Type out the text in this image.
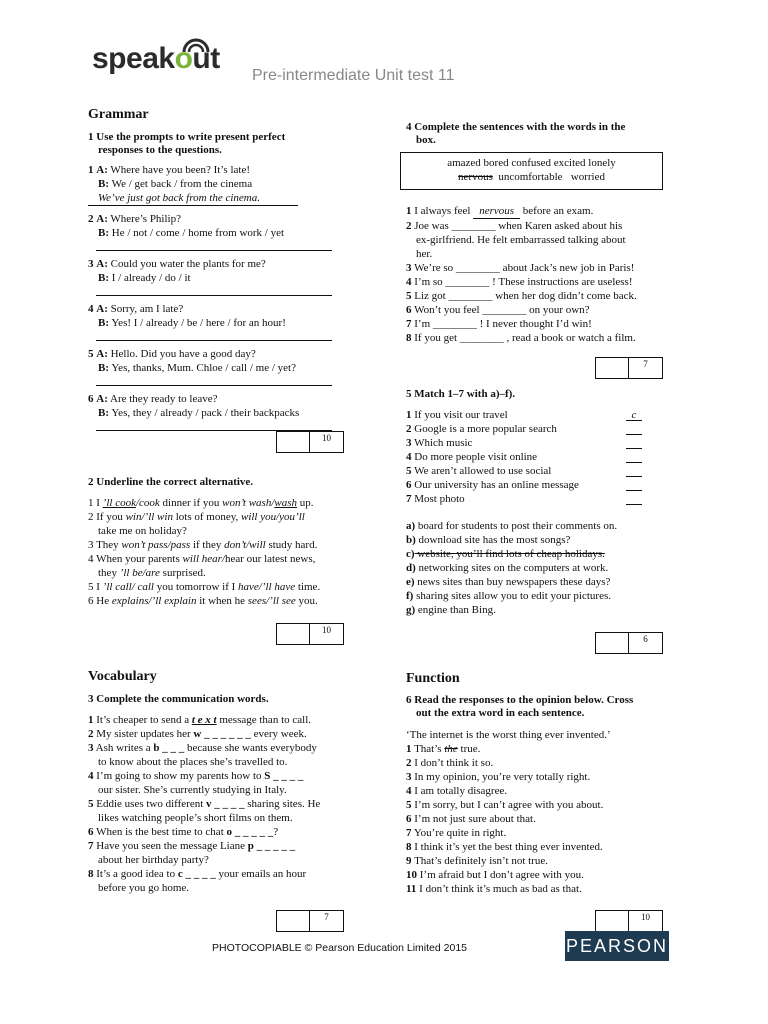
speakout
Pre-intermediate Unit test 11
Grammar
1 Use the prompts to write present perfect
responses to the questions.
1 A: Where have you been? It’s late!
B: We / get back / from the cinema
We’ve just got back from the cinema.
2 A: Where’s Philip?
B: He / not / come / home from work / yet
3 A: Could you water the plants for me?
B: I / already / do / it
4 A: Sorry, am I late?
B: Yes! I / already / be / here / for an hour!
5 A: Hello. Did you have a good day?
B: Yes, thanks, Mum. Chloe / call / me / yet?
6 A: Are they ready to leave?
B: Yes, they / already / pack / their backpacks
10
2 Underline the correct alternative.
1 I ’ll cook/cook dinner if you won’t wash/wash up.
2 If you win/’ll win lots of money, will you/you’ll
take me on holiday?
3 They won’t pass/pass if they don’t/will study hard.
4 When your parents will hear/hear our latest news,
they ’ll be/are surprised.
5 I ’ll call/ call you tomorrow if I have/’ll have time.
6 He explains/’ll explain it when he sees/’ll see you.
10
Vocabulary
3 Complete the communication words.
1 It’s cheaper to send a t e x t message than to call.
2 My sister updates her w _ _ _ _ _ _ every week.
3 Ash writes a b _ _ _ because she wants everybody
to know about the places she’s travelled to.
4 I’m going to show my parents how to S _ _ _ _
our sister. She’s currently studying in Italy.
5 Eddie uses two different v _ _ _ _ sharing sites. He
likes watching people’s short films on them.
6 When is the best time to chat o _ _ _ _ _?
7 Have you seen the message Liane p _ _ _ _ _
about her birthday party?
8 It’s a good idea to c _ _ _ _ your emails an hour
before you go home.
7
4 Complete the sentences with the words in the
box.
amazed bored confused excited lonely
nervous  uncomfortable   worried
1 I always feel nervous before an exam.
2 Joe was ________ when Karen asked about his
ex-girlfriend. He felt embarrassed talking about
her.
3 We’re so ________ about Jack’s new job in Paris!
4 I’m so ________ ! These instructions are useless!
5 Liz got ________ when her dog didn’t come back.
6 Won’t you feel ________ on your own?
7 I’m ________ ! I never thought I’d win!
8 If you get ________ , read a book or watch a film.
7
5 Match 1–7 with a)–f).
1 If you visit our travel	c
2 Google is a more popular search
3 Which music
4 Do more people visit online
5 We aren’t allowed to use social
6 Our university has an online message
7 Most photo
a) board for students to post their comments on.
b) download site has the most songs?
c) website, you’ll find lots of cheap holidays.
d) networking sites on the computers at work.
e) news sites than buy newspapers these days?
f) sharing sites allow you to edit your pictures.
g) engine than Bing.
6
Function
6 Read the responses to the opinion below. Cross
out the extra word in each sentence.
‘The internet is the worst thing ever invented.’
1 That’s the true.
2 I don’t think it so.
3 In my opinion, you’re very totally right.
4 I am totally disagree.
5 I’m sorry, but I can’t agree with you about.
6 I’m not just sure about that.
7 You’re quite in right.
8 I think it’s yet the best thing ever invented.
9 That’s definitely isn’t not true.
10 I’m afraid but I don’t agree with you.
11 I don’t think it’s much as bad as that.
10
PHOTOCOPIABLE © Pearson Education Limited 2015	PEARSON
